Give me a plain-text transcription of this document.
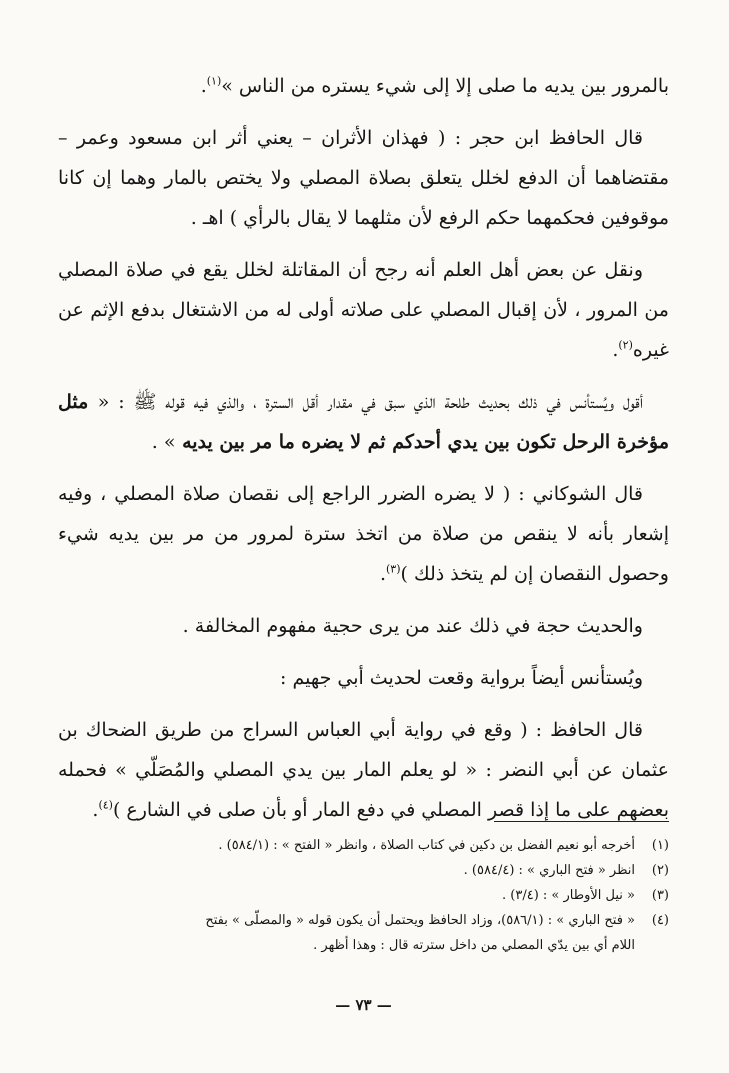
بالمرور بين يديه ما صلى إلا إلى شيء يستره من الناس »$^{(١)}$.

قال الحافظ ابن حجر : ( فهذان الأثران – يعني أثر ابن مسعود وعمر – مقتضاهما أن الدفع لخلل يتعلق بصلاة المصلي ولا يختص بالمار وهما إن كانا موقوفين فحكمهما حكم الرفع لأن مثلهما لا يقال بالرأي ) اهـ .

ونقل عن بعض أهل العلم أنه رجح أن المقاتلة لخلل يقع في صلاة المصلي من المرور ، لأن إقبال المصلي على صلاته أولى له من الاشتغال بدفع الإثم عن غيره$^{(٢)}$.

أقول ويُستأنس في ذلك بحديث طلحة الذي سبق في مقدار أقل السترة ، والذي فيه قوله ﷺ : « مثل مؤخرة الرحل تكون بين يدي أحدكم ثم لا يضره ما مر بين يديه » .

قال الشوكاني : ( لا يضره الضرر الراجع إلى نقصان صلاة المصلي ، وفيه إشعار بأنه لا ينقص من صلاة من اتخذ سترة لمرور من مر بين يديه شيء وحصول النقصان إن لم يتخذ ذلك )$^{(٣)}$.

والحديث حجة في ذلك عند من يرى حجية مفهوم المخالفة .

ويُستأنس أيضاً برواية وقعت لحديث أبي جهيم :

قال الحافظ : ( وقع في رواية أبي العباس السراج من طريق الضحاك بن عثمان عن أبي النضر : « لو يعلم المار بين يدي المصلي والمُصَلّي » فحمله بعضهم على ما إذا قصر المصلي في دفع المار أو بأن صلى في الشارع )$^{(٤)}$.

(١)
أخرجه أبو نعيم الفضل بن دكين في كتاب الصلاة ، وانظر « الفتح » : (٥٨٤/١) .

(٢)
انظر « فتح الباري » : (٥٨٤/٤) .

(٣)
« نيل الأوطار » : (٣/٤) .

(٤)
« فتح الباري » : (٥٨٦/١)، وزاد الحافظ ويحتمل أن يكون قوله « والمصلّى » بفتح

اللام أي بين يدّي المصلي من داخل سترته قال : وهذا أظهر .

— ٧٣ —
